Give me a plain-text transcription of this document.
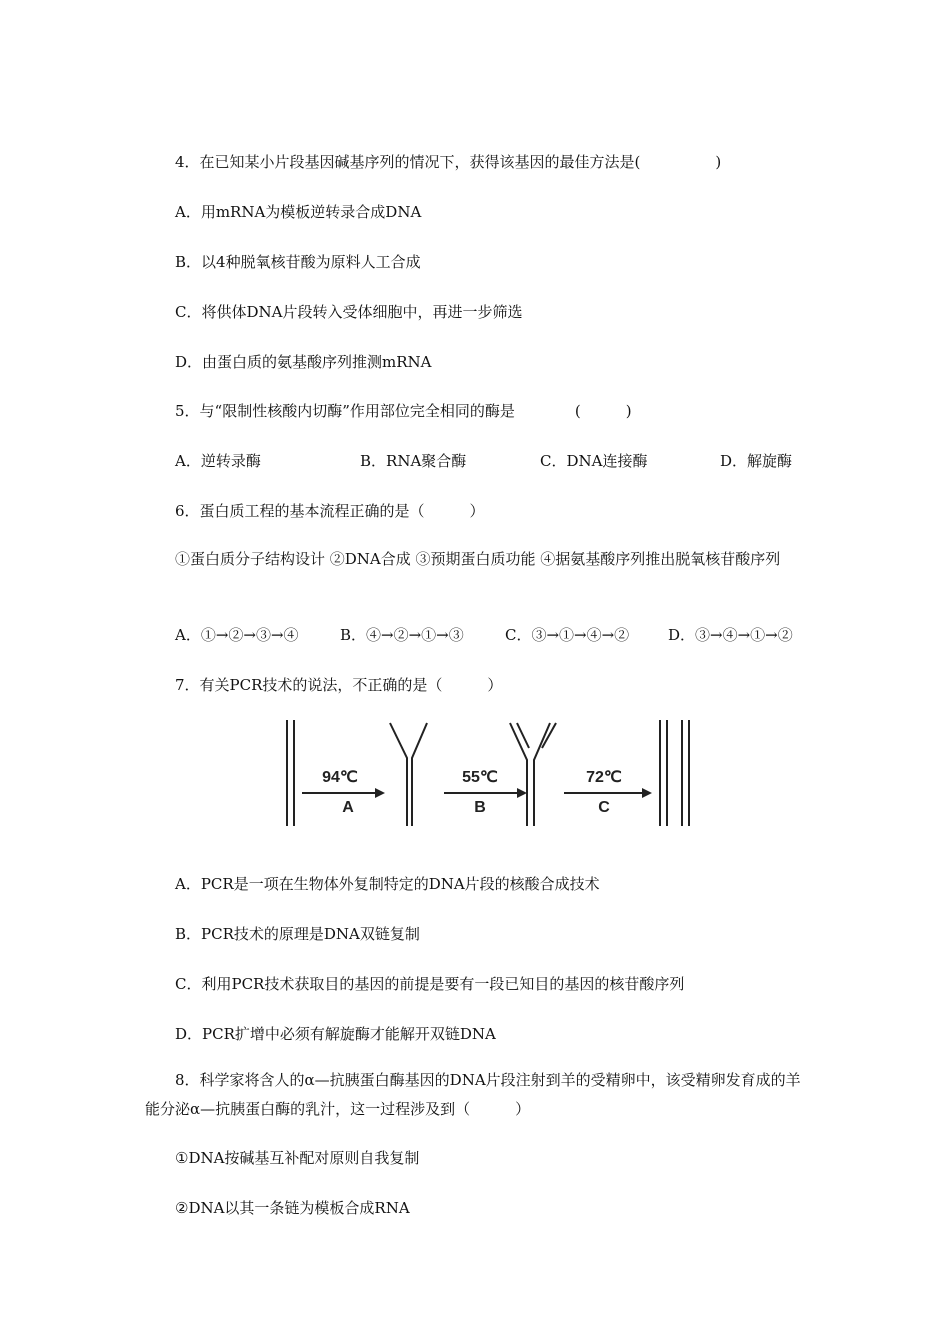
4．在已知某小片段基因碱基序列的情况下，获得该基因的最佳方法是(　　　　　)
A．用mRNA为模板逆转录合成DNA
B．以4种脱氧核苷酸为原料人工合成
C．将供体DNA片段转入受体细胞中，再进一步筛选
D．由蛋白质的氨基酸序列推测mRNA
5．与“限制性核酸内切酶”作用部位完全相同的酶是　　　　(　　　)
A．逆转录酶	B．RNA聚合酶	C．DNA连接酶	D．解旋酶
6．蛋白质工程的基本流程正确的是（　　　）
①蛋白质分子结构设计 ②DNA合成 ③预期蛋白质功能 ④据氨基酸序列推出脱氧核苷酸序列
A．①→②→③→④	B．④→②→①→③	C．③→①→④→②	D．③→④→①→②
7．有关PCR技术的说法，不正确的是（　　　）
94℃
A
55℃
B
72℃
C
A．PCR是一项在生物体外复制特定的DNA片段的核酸合成技术
B．PCR技术的原理是DNA双链复制
C．利用PCR技术获取目的基因的前提是要有一段已知目的基因的核苷酸序列
D．PCR扩增中必须有解旋酶才能解开双链DNA
8．科学家将含人的α—抗胰蛋白酶基因的DNA片段注射到羊的受精卵中，该受精卵发育成的羊能分泌α—抗胰蛋白酶的乳汁，这一过程涉及到（　　　）
①DNA按碱基互补配对原则自我复制
②DNA以其一条链为模板合成RNA
